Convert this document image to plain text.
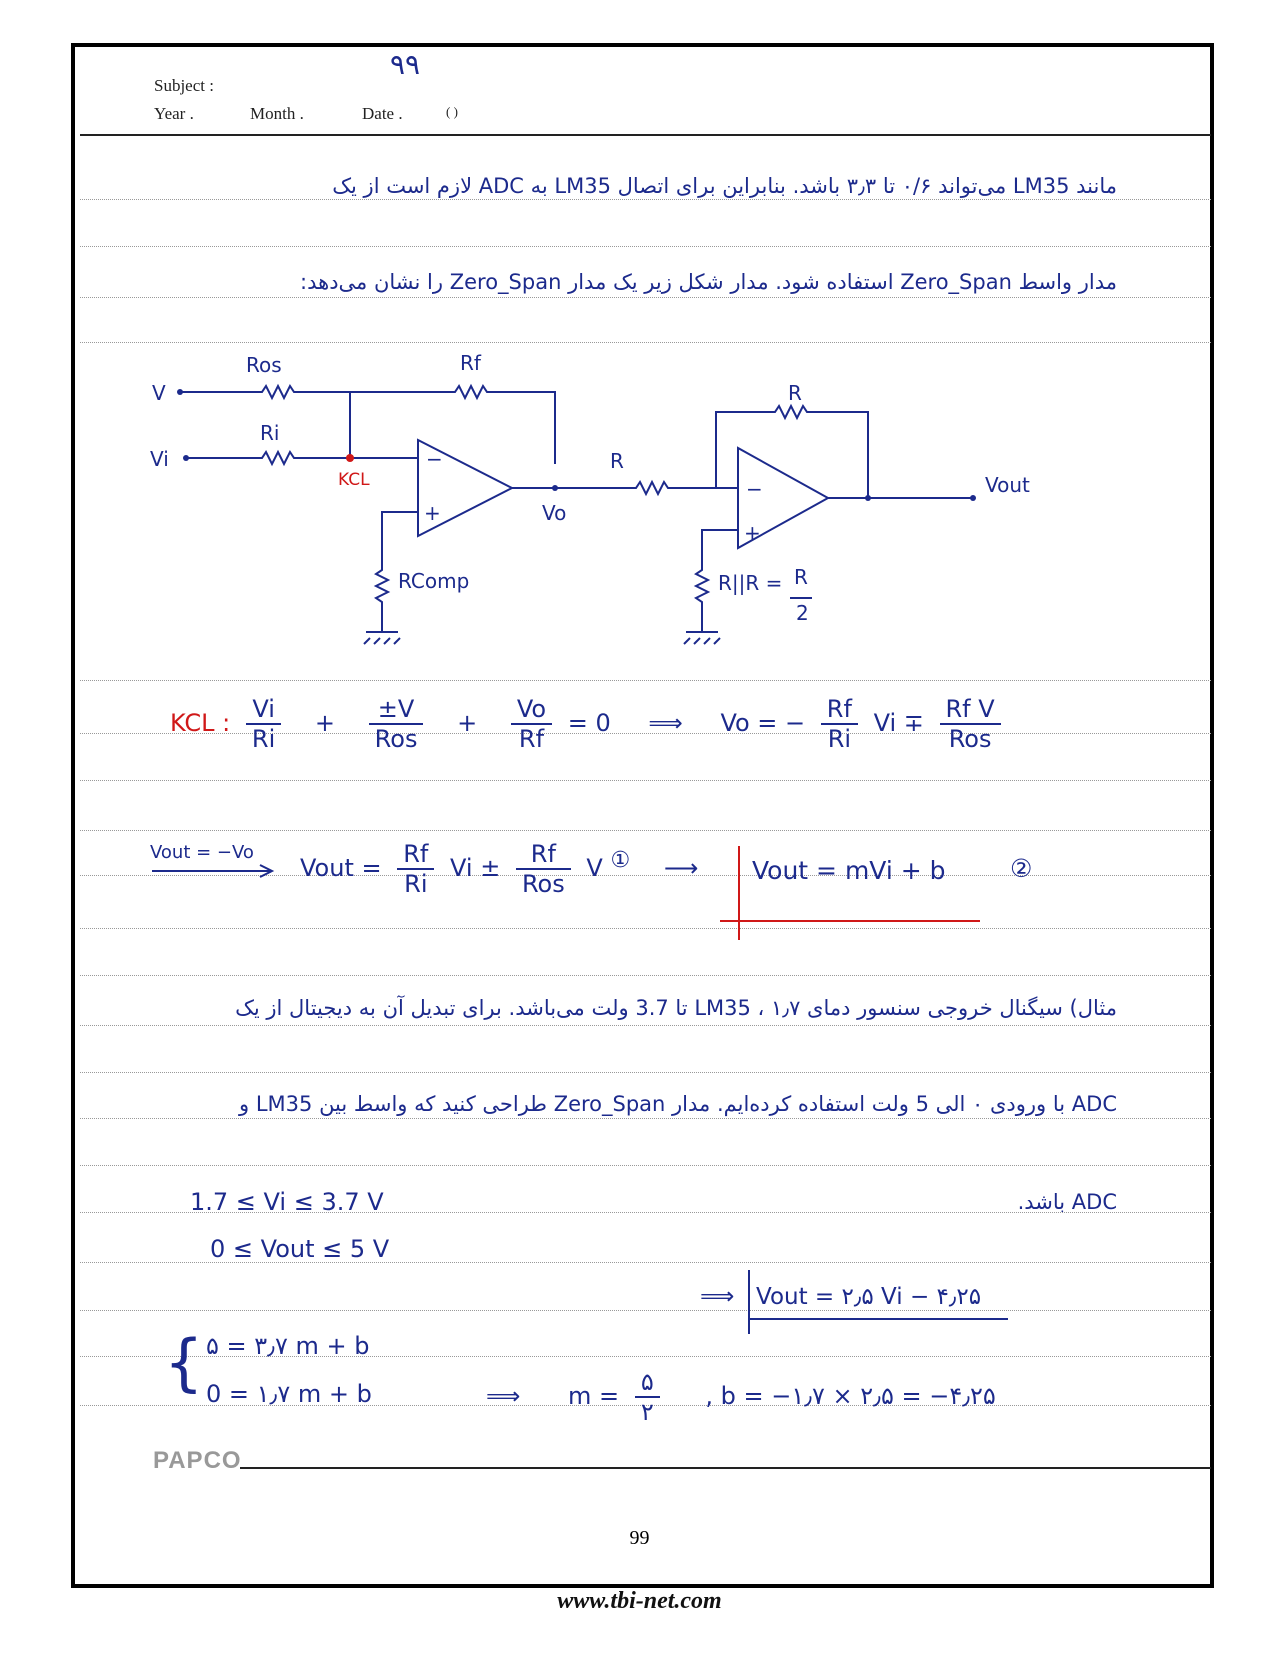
Subject :
۹۹
Year .	Month .	Date .	( )
مانند LM35 می‌تواند ۰/۶ تا ۳٫۳ باشد. بنابراین برای اتصال LM35 به ADC لازم است از یک
مدار واسط Zero_Span استفاده شود. مدار شکل زیر یک مدار Zero_Span را نشان می‌دهد:
V
Vi
Ros	Rf
Ri
Vo
R
R
Vout
RComp	R||R = R
2
−
+
−
+
KCL
KCL : $\frac{Vi}{Ri} + \frac{\pm V}{\text{Ros}} + \frac{Vo}{Rf} = 0$ ⟹ Vo = − $\frac{Rf}{Ri}$ $Vi \mp \frac{\text{Rf V}}{\text{Ros}}$
Vout = −Vo
Vout = $\frac{Rf}{Ri}$ $Vi \pm \frac{Rf}{\text{Ros}}$ V ① ⟶	Vout = mVi + b	②
مثال) سیگنال خروجی سنسور دمای LM35 ، ۱٫۷ تا 3.7 ولت می‌باشد. برای تبدیل آن به دیجیتال از یک
ADC با ورودی ۰ الی 5 ولت استفاده کرده‌ایم. مدار Zero_Span طراحی کنید که واسط بین LM35 و
ADC باشد.
1.7 ≤ Vi ≤ 3.7 V
0 ≤ Vout ≤ 5 V
⟹ Vout = ۲٫۵ Vi − ۴٫۲۵
{ ۵ = ۳٫۷ m + b
0 = ۱٫۷ m + b	⟹ $m = \frac{۵}{۲}$ , b = −۱٫۷ × ۲٫۵ = −۴٫۲۵
PAPCO
99
www.tbi-net.com
